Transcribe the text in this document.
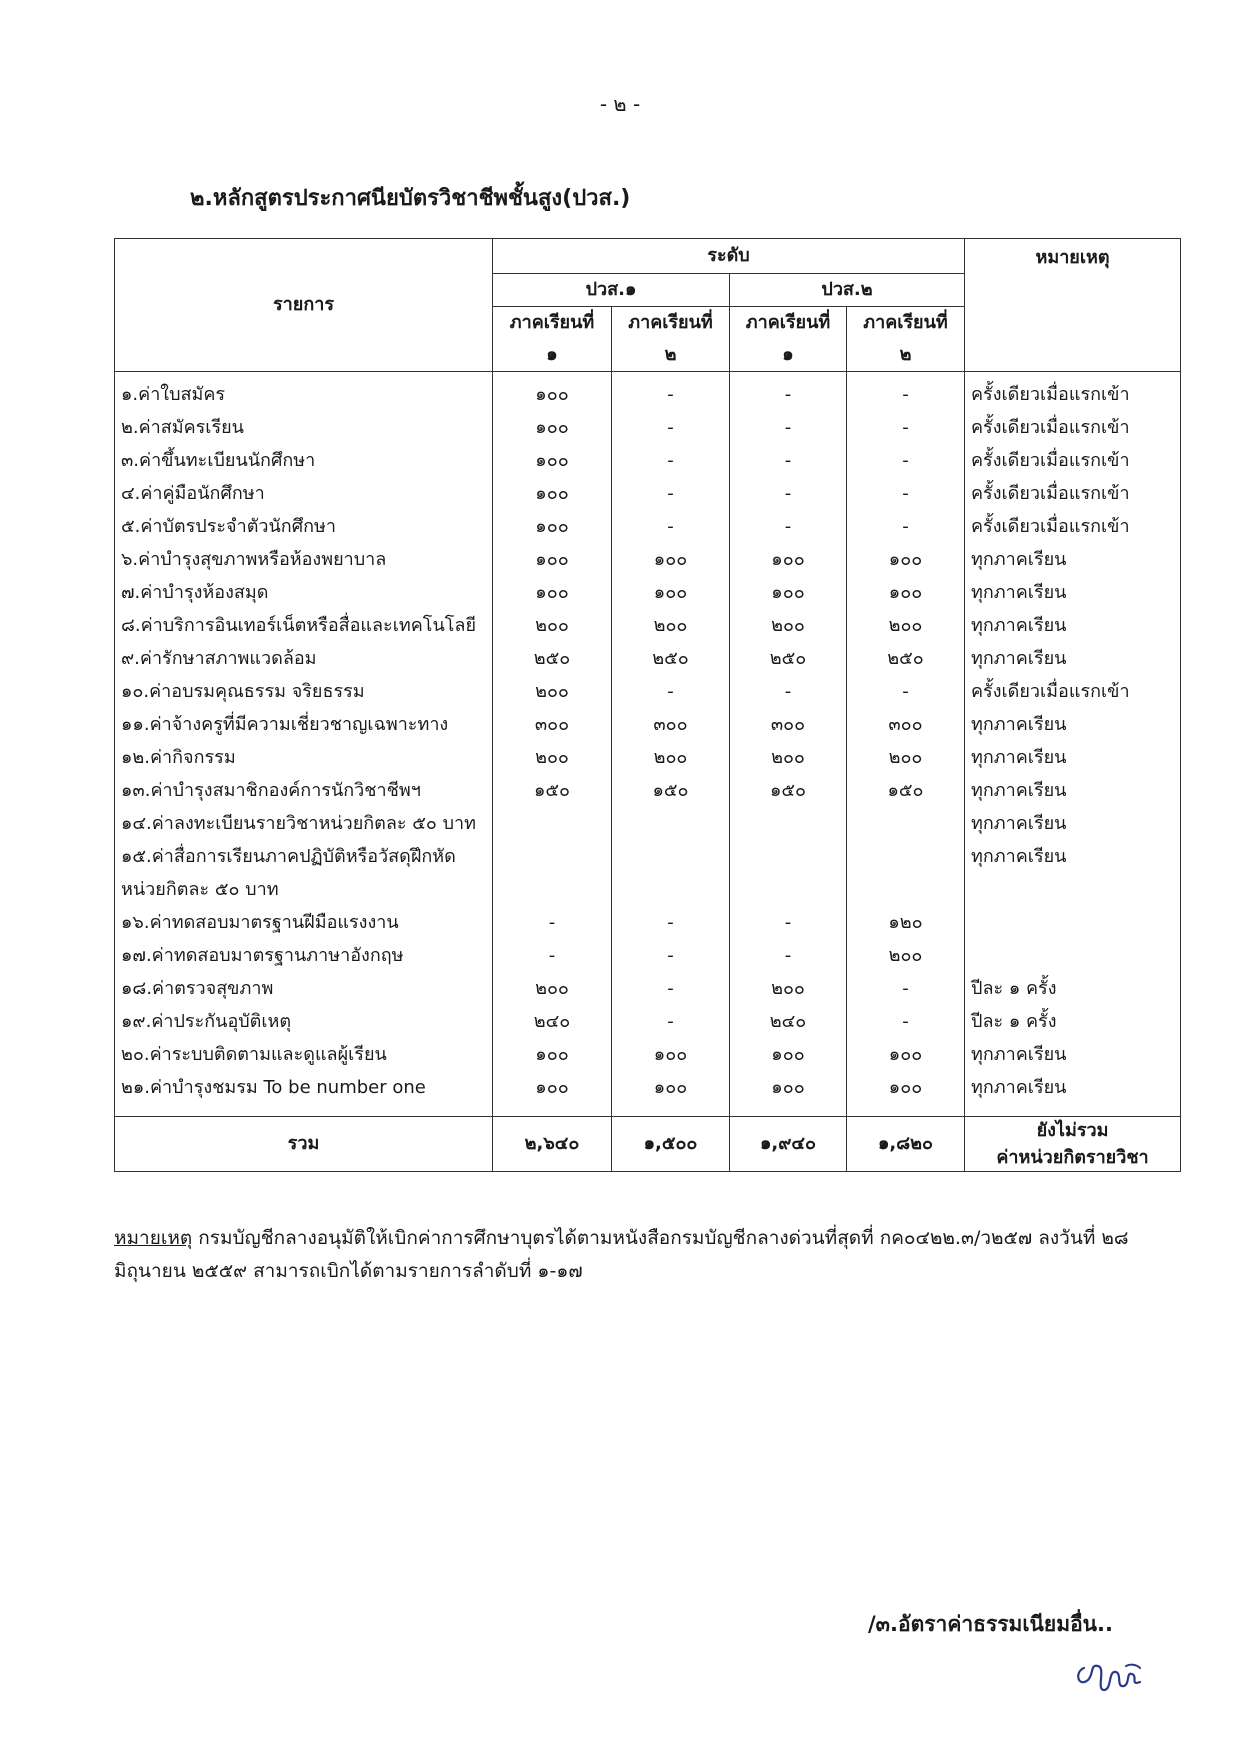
- ๒ -
๒.หลักสูตรประกาศนียบัตรวิชาชีพชั้นสูง(ปวส.)
รายการ	ระดับ				หมายเหตุ
	ปวส.๑		ปวส.๒		
	ภาคเรียนที่	ภาคเรียนที่	ภาคเรียนที่	ภาคเรียนที่	
	๑	๒	๑	๒	
๑.ค่าใบสมัคร	๑๐๐	-	-	-	ครั้งเดียวเมื่อแรกเข้า
๒.ค่าสมัครเรียน	๑๐๐	-	-	-	ครั้งเดียวเมื่อแรกเข้า
๓.ค่าขึ้นทะเบียนนักศึกษา	๑๐๐	-	-	-	ครั้งเดียวเมื่อแรกเข้า
๔.ค่าคู่มือนักศึกษา	๑๐๐	-	-	-	ครั้งเดียวเมื่อแรกเข้า
๕.ค่าบัตรประจำตัวนักศึกษา	๑๐๐	-	-	-	ครั้งเดียวเมื่อแรกเข้า
๖.ค่าบำรุงสุขภาพหรือห้องพยาบาล	๑๐๐	๑๐๐	๑๐๐	๑๐๐	ทุกภาคเรียน
๗.ค่าบำรุงห้องสมุด	๑๐๐	๑๐๐	๑๐๐	๑๐๐	ทุกภาคเรียน
๘.ค่าบริการอินเทอร์เน็ตหรือสื่อและเทคโนโลยี	๒๐๐	๒๐๐	๒๐๐	๒๐๐	ทุกภาคเรียน
๙.ค่ารักษาสภาพแวดล้อม	๒๕๐	๒๕๐	๒๕๐	๒๕๐	ทุกภาคเรียน
๑๐.ค่าอบรมคุณธรรม จริยธรรม	๒๐๐	-	-	-	ครั้งเดียวเมื่อแรกเข้า
๑๑.ค่าจ้างครูที่มีความเชี่ยวชาญเฉพาะทาง	๓๐๐	๓๐๐	๓๐๐	๓๐๐	ทุกภาคเรียน
๑๒.ค่ากิจกรรม	๒๐๐	๒๐๐	๒๐๐	๒๐๐	ทุกภาคเรียน
๑๓.ค่าบำรุงสมาชิกองค์การนักวิชาชีพฯ	๑๕๐	๑๕๐	๑๕๐	๑๕๐	ทุกภาคเรียน
๑๔.ค่าลงทะเบียนรายวิชาหน่วยกิตละ ๕๐ บาท					ทุกภาคเรียน
๑๕.ค่าสื่อการเรียนภาคปฏิบัติหรือวัสดุฝึกหัด					ทุกภาคเรียน
หน่วยกิตละ ๕๐ บาท					
๑๖.ค่าทดสอบมาตรฐานฝีมือแรงงาน	-	-	-	๑๒๐	
๑๗.ค่าทดสอบมาตรฐานภาษาอังกฤษ	-	-	-	๒๐๐	
๑๘.ค่าตรวจสุขภาพ	๒๐๐	-	๒๐๐	-	ปีละ ๑ ครั้ง
๑๙.ค่าประกันอุบัติเหตุ	๒๔๐	-	๒๔๐	-	ปีละ ๑ ครั้ง
๒๐.ค่าระบบติดตามและดูแลผู้เรียน	๑๐๐	๑๐๐	๑๐๐	๑๐๐	ทุกภาคเรียน
๒๑.ค่าบำรุงชมรม To be number one	๑๐๐	๑๐๐	๑๐๐	๑๐๐	ทุกภาคเรียน

รวม	๒,๖๔๐	๑,๕๐๐	๑,๙๔๐	๑,๘๒๐	ยังไม่รวม
ค่าหน่วยกิตรายวิชา
หมายเหตุ กรมบัญชีกลางอนุมัติให้เบิกค่าการศึกษาบุตรได้ตามหนังสือกรมบัญชีกลางด่วนที่สุดที่ กค๐๔๒๒.๓/ว๒๕๗ ลงวันที่ ๒๘ มิถุนายน ๒๕๕๙ สามารถเบิกได้ตามรายการลำดับที่ ๑-๑๗
/๓.อัตราค่าธรรมเนียมอื่น..
